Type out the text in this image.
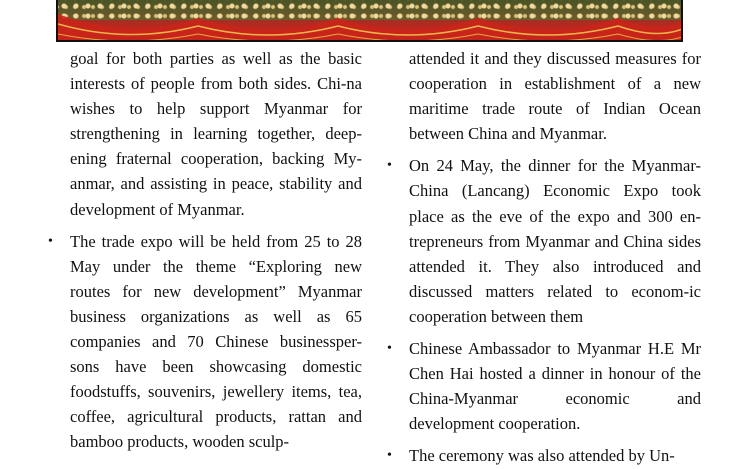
goal for both parties as well as the basic interests of people from both sides. Chi-na wishes to help support Myanmar for strengthening in learning together, deep-ening fraternal cooperation, backing My-anmar, and assisting in peace, stability and development of Myanmar.

• The trade expo will be held from 25 to 28 May under the theme “Exploring new routes for new development” Myanmar business organizations as well as 65 companies and 70 Chinese businessper-sons have been showcasing domestic foodstuffs, souvenirs, jewellery items, tea, coffee, agricultural products, rattan and bamboo products, wooden sculp-

attended it and they discussed measures for cooperation in establishment of a new maritime trade route of Indian Ocean between China and Myanmar.

• On 24 May, the dinner for the Myanmar-China (Lancang) Economic Expo took place as the eve of the expo and 300 en-trepreneurs from Myanmar and China sides attended it. They also introduced and discussed matters related to econom-ic cooperation between them

• Chinese Ambassador to Myanmar H.E Mr Chen Hai hosted a dinner in honour of the China-Myanmar economic and development cooperation.

• The ceremony was also attended by Un-
